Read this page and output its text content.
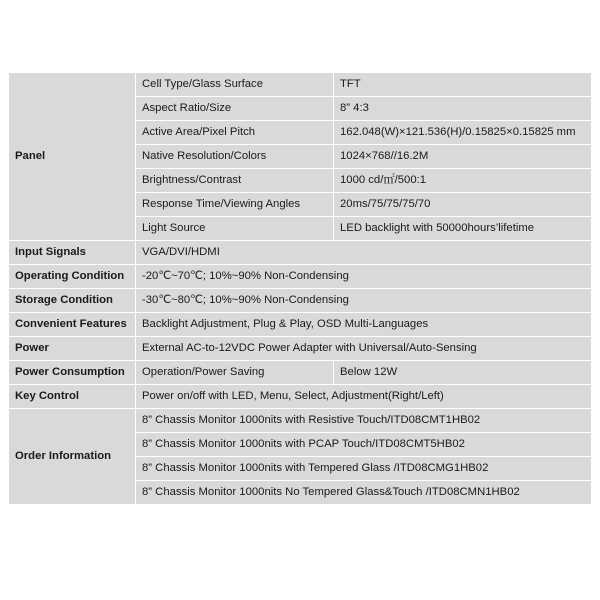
Panel	Cell Type/Glass Surface	TFT
	Aspect Ratio/Size	8” 4:3
	Active Area/Pixel Pitch	162.048(W)×121.536(H)/0.15825×0.15825 mm
	Native Resolution/Colors	1024×768//16.2M
	Brightness/Contrast	1000 cd/㎡/500:1
	Response Time/Viewing Angles	20ms/75/75/75/70
	Light Source	LED backlight with 50000hours’lifetime
Input Signals	VGA/DVI/HDMI	
Operating Condition	-20℃~70℃; 10%~90% Non-Condensing	
Storage Condition	-30℃~80℃; 10%~90% Non-Condensing	
Convenient Features	Backlight Adjustment, Plug & Play, OSD Multi-Languages	
Power	External AC-to-12VDC Power Adapter with Universal/Auto-Sensing	
Power Consumption	Operation/Power Saving	Below 12W
Key Control	Power on/off with LED, Menu, Select, Adjustment(Right/Left)	
Order Information	8” Chassis Monitor 1000nits with Resistive Touch/ITD08CMT1HB02	
	8” Chassis Monitor 1000nits with PCAP Touch/ITD08CMT5HB02	
	8” Chassis Monitor 1000nits with Tempered Glass /ITD08CMG1HB02	
	8” Chassis Monitor 1000nits No Tempered Glass&Touch /ITD08CMN1HB02	
